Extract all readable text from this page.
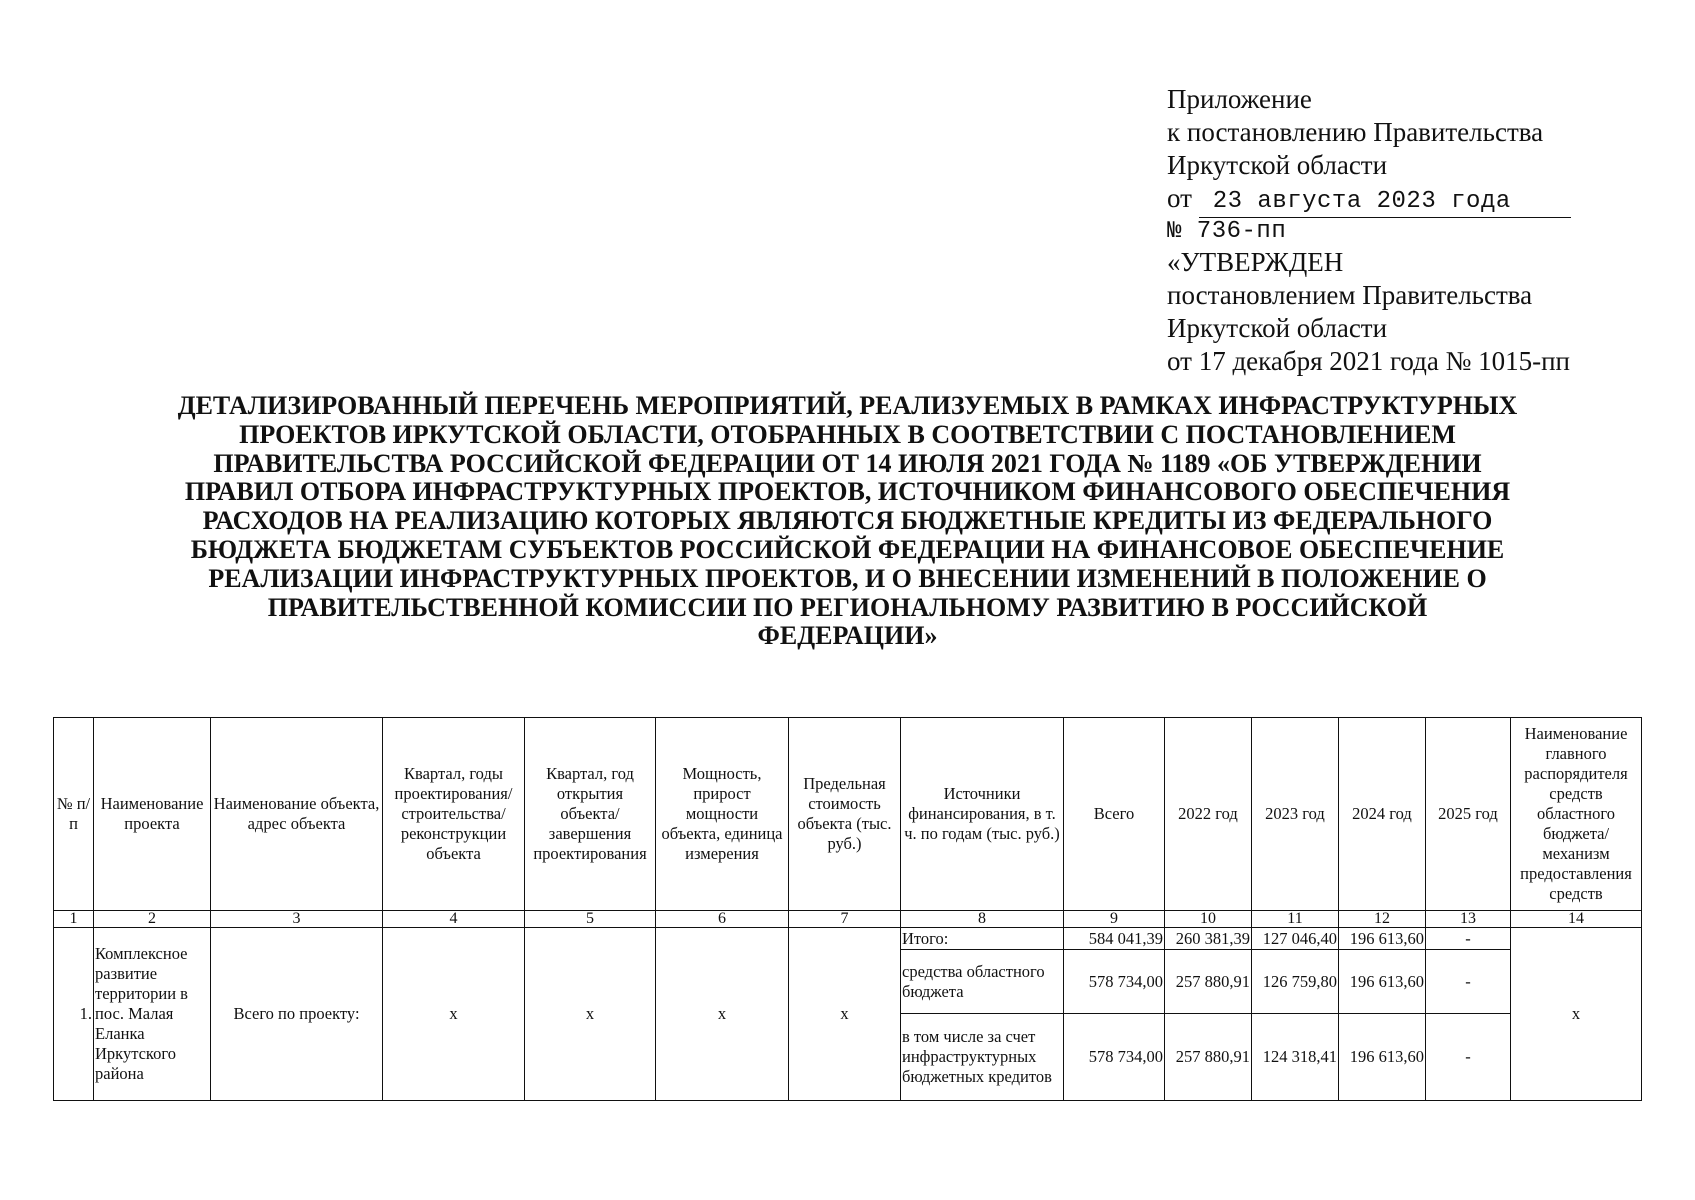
Приложение
к постановлению Правительства
Иркутской области
от 23 августа 2023 года
№ 736-пп
«УТВЕРЖДЕН
постановлением Правительства
Иркутской области
от 17 декабря 2021 года № 1015-пп
ДЕТАЛИЗИРОВАННЫЙ ПЕРЕЧЕНЬ МЕРОПРИЯТИЙ, РЕАЛИЗУЕМЫХ В РАМКАХ ИНФРАСТРУКТУРНЫХ
ПРОЕКТОВ ИРКУТСКОЙ ОБЛАСТИ, ОТОБРАННЫХ В СООТВЕТСТВИИ С ПОСТАНОВЛЕНИЕМ
ПРАВИТЕЛЬСТВА РОССИЙСКОЙ ФЕДЕРАЦИИ ОТ 14 ИЮЛЯ 2021 ГОДА № 1189 «ОБ УТВЕРЖДЕНИИ
ПРАВИЛ ОТБОРА ИНФРАСТРУКТУРНЫХ ПРОЕКТОВ, ИСТОЧНИКОМ ФИНАНСОВОГО ОБЕСПЕЧЕНИЯ
РАСХОДОВ НА РЕАЛИЗАЦИЮ КОТОРЫХ ЯВЛЯЮТСЯ БЮДЖЕТНЫЕ КРЕДИТЫ ИЗ ФЕДЕРАЛЬНОГО
БЮДЖЕТА БЮДЖЕТАМ СУБЪЕКТОВ РОССИЙСКОЙ ФЕДЕРАЦИИ НА ФИНАНСОВОЕ ОБЕСПЕЧЕНИЕ
РЕАЛИЗАЦИИ ИНФРАСТРУКТУРНЫХ ПРОЕКТОВ, И О ВНЕСЕНИИ ИЗМЕНЕНИЙ В ПОЛОЖЕНИЕ О
ПРАВИТЕЛЬСТВЕННОЙ КОМИССИИ ПО РЕГИОНАЛЬНОМУ РАЗВИТИЮ В РОССИЙСКОЙ
ФЕДЕРАЦИИ»
№ п/п	Наименование проекта	Наименование объекта, адрес объекта	Квартал, годы проектирования/ строительства/ реконструкции объекта	Квартал, год открытия объекта/ завершения проектирования	Мощность, прирост мощности объекта, единица измерения	Предельная стоимость объекта (тыс. руб.)	Источники финансирования, в т. ч. по годам (тыс. руб.)	Всего	2022 год	2023 год	2024 год	2025 год	Наименование главного распорядителя средств областного бюджета/ механизм предоставления средств
1	2	3	4	5	6	7	8	9	10	11	12	13	14
1.	Комплексное развитие территории в пос. Малая Еланка Иркутского района	Всего по проекту:	x	x	x	x	Итого:	584 041,39	260 381,39	127 046,40	196 613,60	-	x
							средства областного бюджета	578 734,00	257 880,91	126 759,80	196 613,60	-	
							в том числе за счет инфраструктурных бюджетных кредитов	578 734,00	257 880,91	124 318,41	196 613,60	-	
